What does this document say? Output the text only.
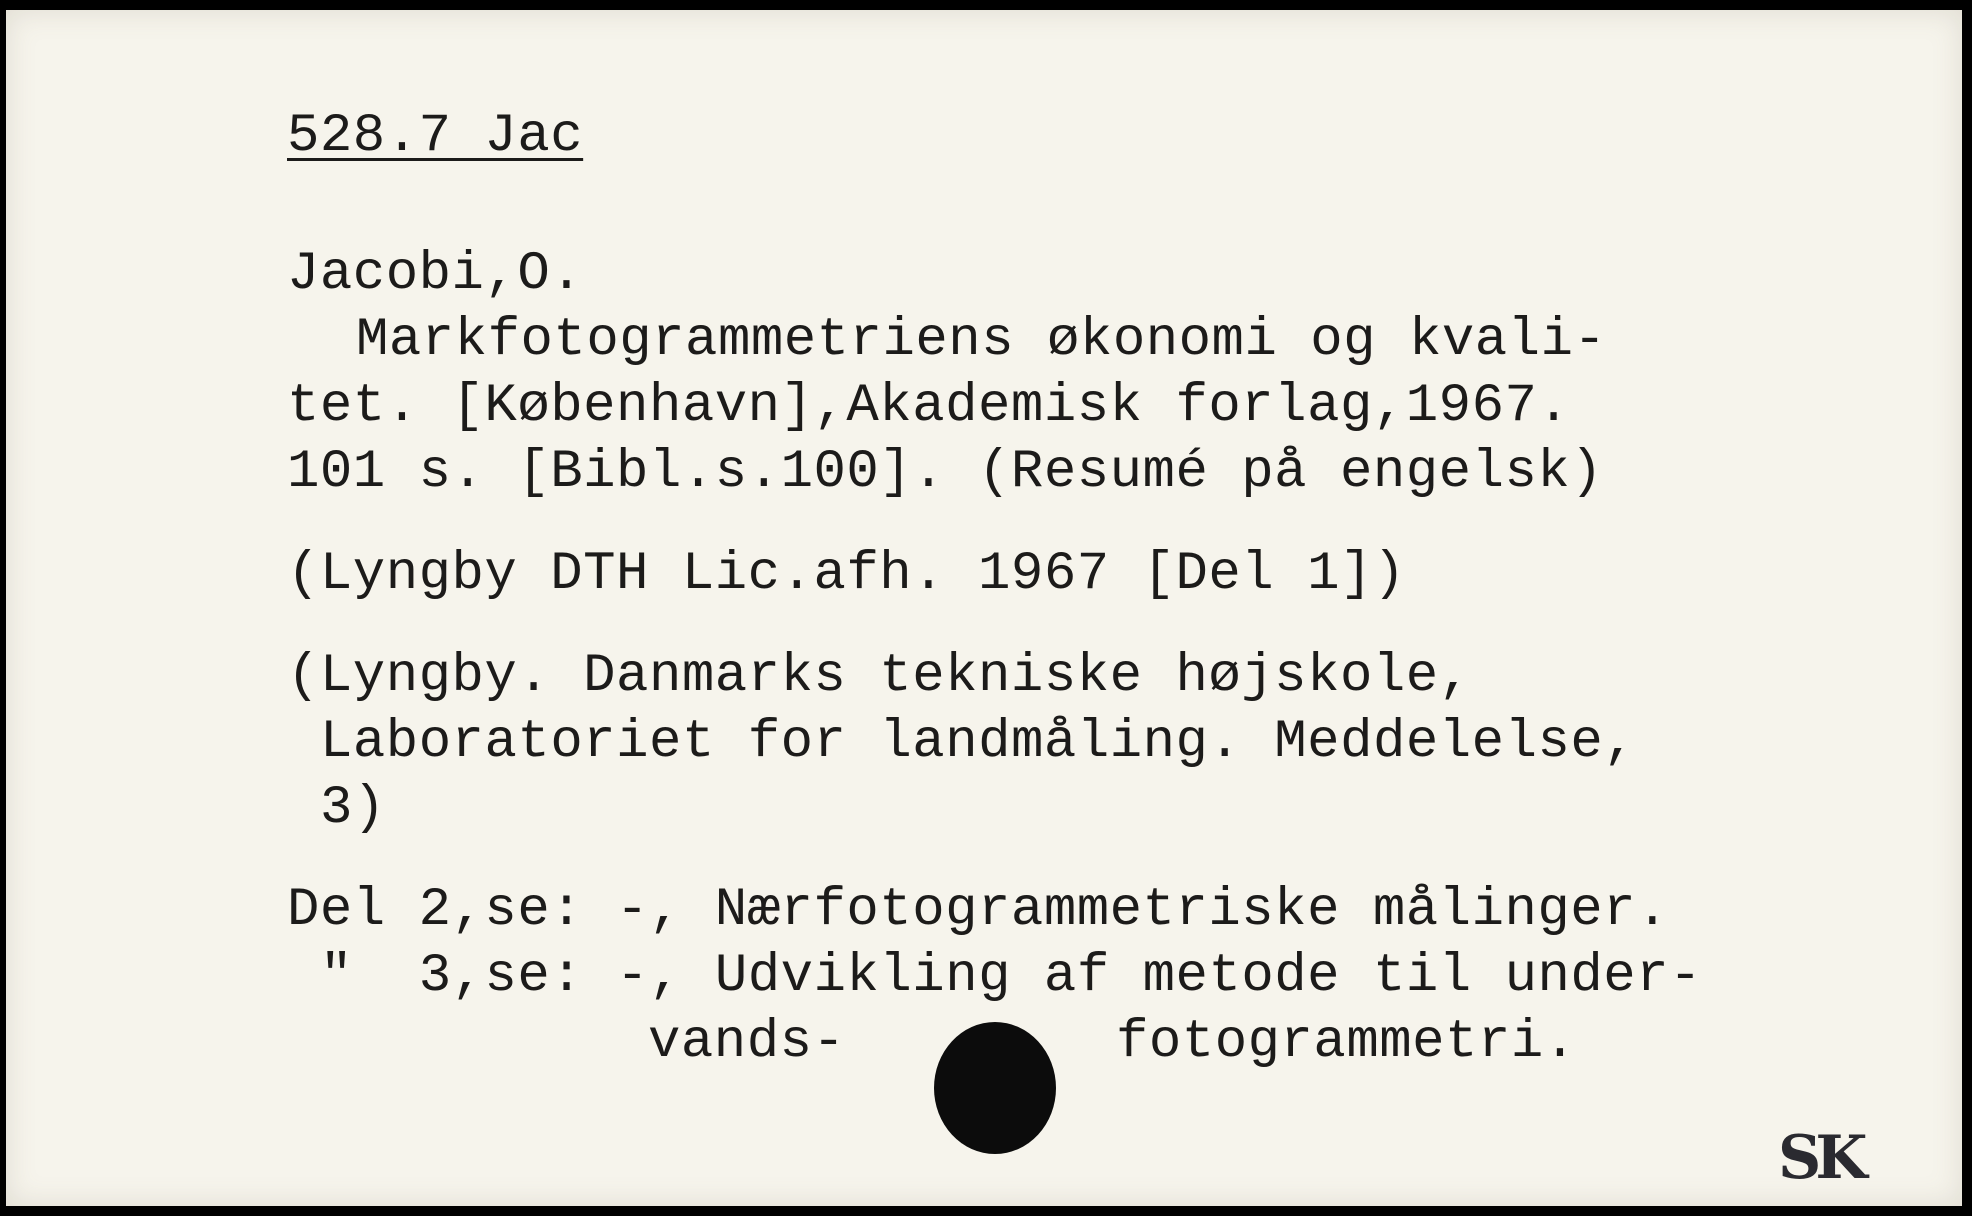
528.7 Jac
Jacobi,O.
Markfotogrammetriens økonomi og kvali-
tet. [København],Akademisk forlag,1967.
101 s. [Bibl.s.100]. (Resumé på engelsk)
(Lyngby DTH Lic.afh. 1967 [Del 1])
(Lyngby. Danmarks tekniske højskole,
Laboratoriet for landmåling. Meddelelse,
3)
Del 2,se: -, Nærfotogrammetriske målinger.
"  3,se: -, Udvikling af metode til under-
vands-	fotogrammetri.
SK
